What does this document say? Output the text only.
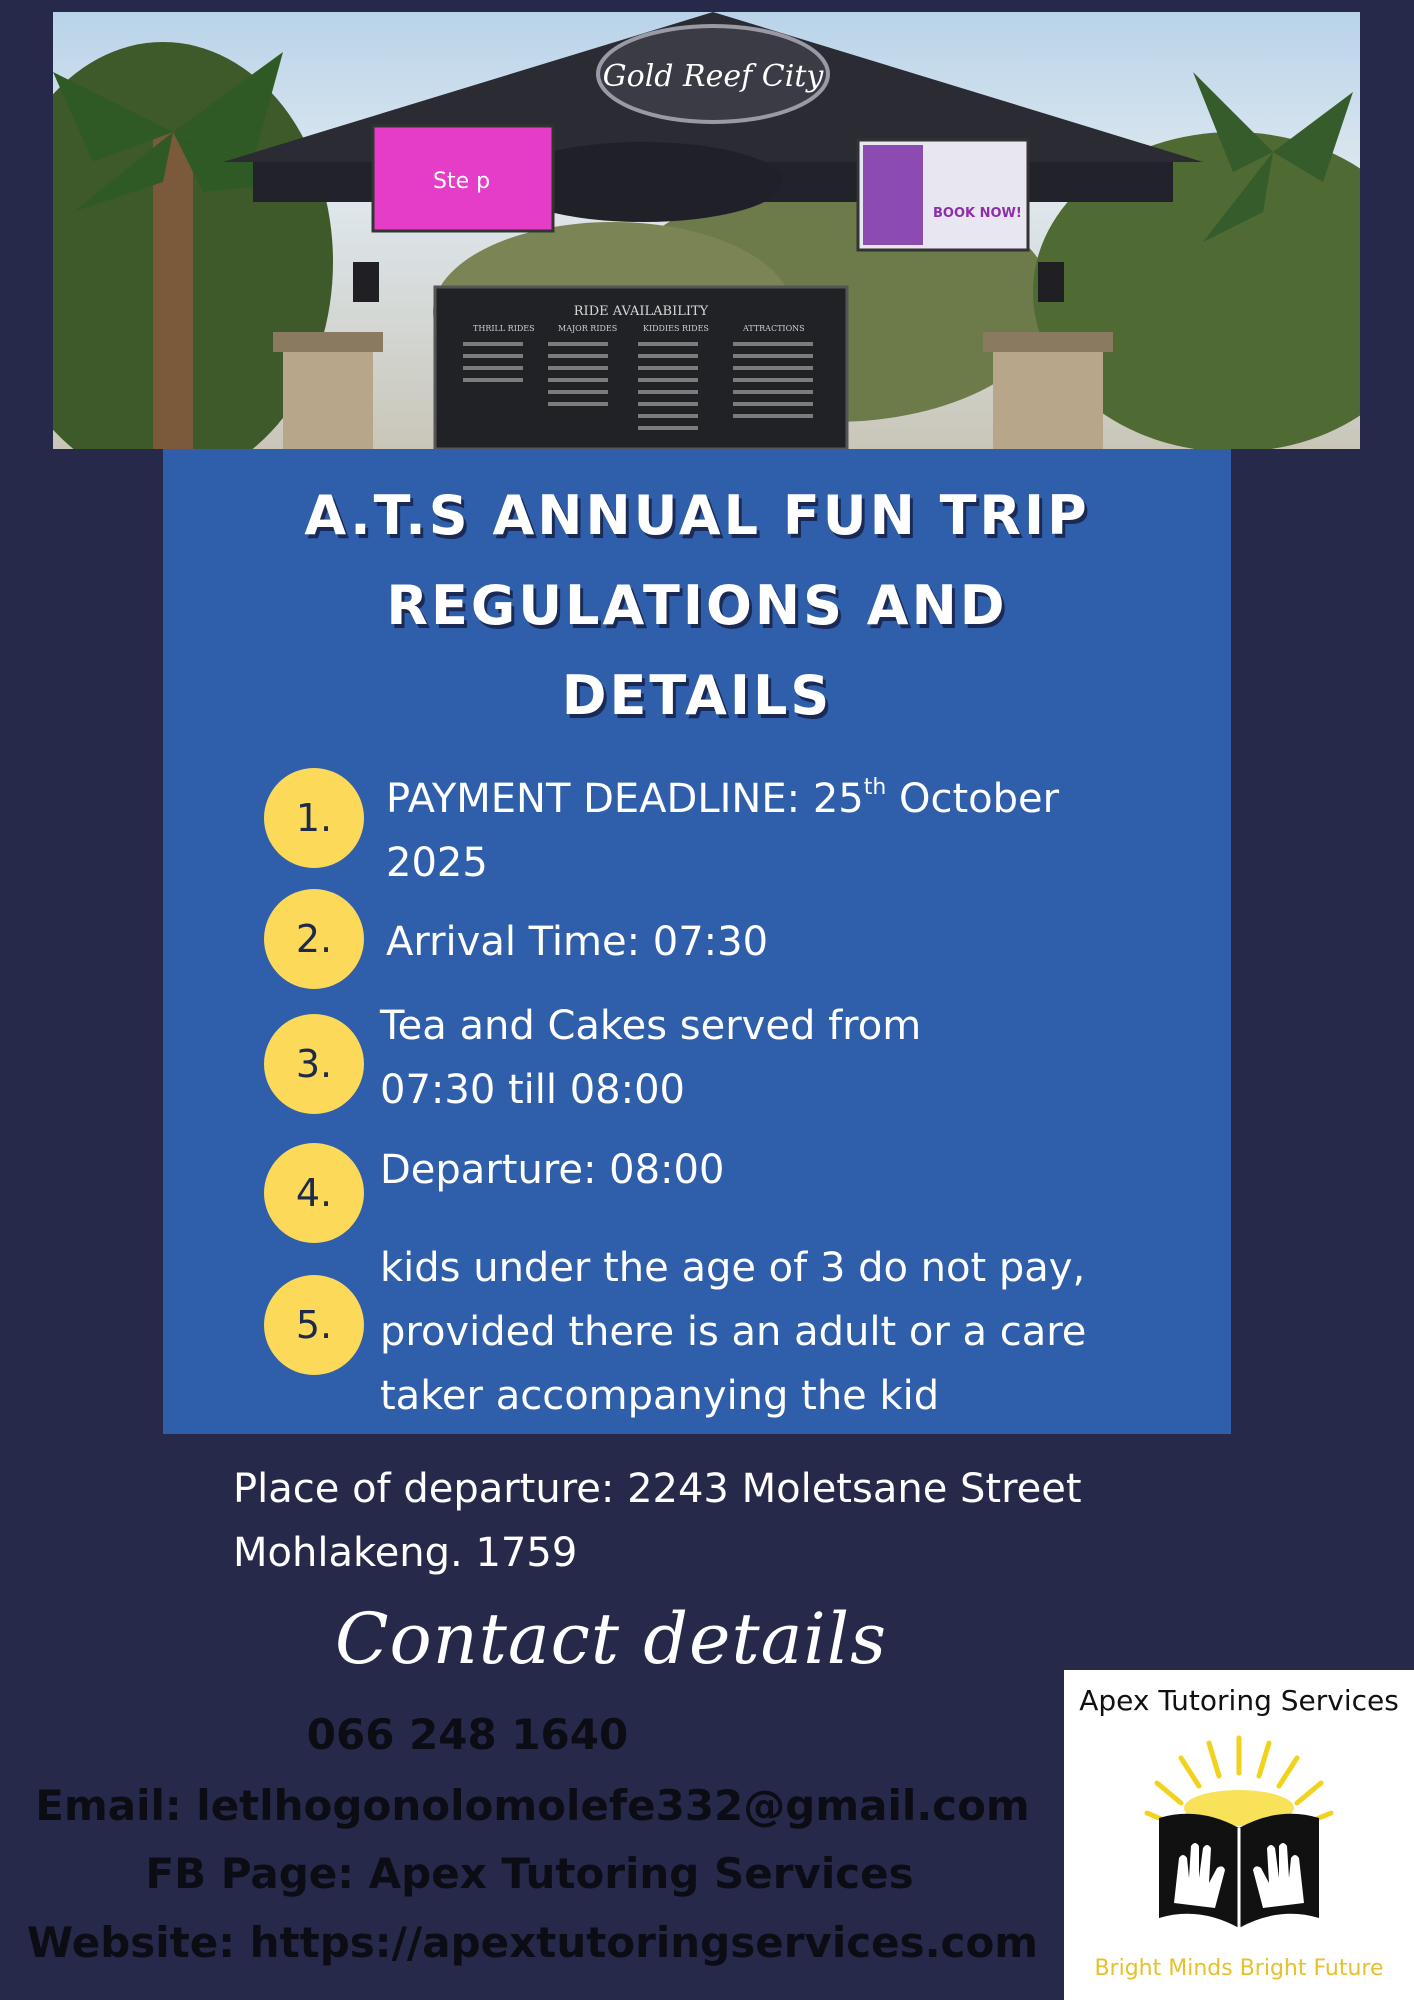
Gold Reef City
Ste p
BOOK NOW!
RIDE AVAILABILITY
THRILL RIDES	MAJOR RIDES	KIDDIES RIDES	ATTRACTIONS
A.T.S ANNUAL FUN TRIP
REGULATIONS AND
DETAILS
1.	PAYMENT DEADLINE: 25th October
2025
2.	Arrival Time: 07:30
3.
Tea and Cakes served from
07:30 till 08:00
4.	Departure: 08:00
5.
kids under the age of 3 do not pay,
provided there is an adult or a care
taker accompanying the kid
Place of departure: 2243 Moletsane Street
Mohlakeng. 1759
Contact details
066 248 1640
Email: letlhogonolomolefe332@gmail.com
FB Page: Apex Tutoring Services
Website: https://apextutoringservices.com
Apex Tutoring Services
Bright Minds Bright Future
